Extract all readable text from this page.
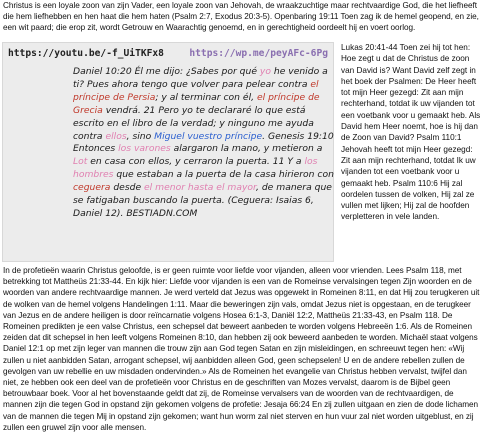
Christus is een loyale zoon van zijn Vader, een loyale zoon van Jehovah, de wraakzuchtige maar rechtvaardige God, die het liefheeft die hem liefhebben en hen haat die hem haten (Psalm 2:7, Exodus 20:3-5). Openbaring 19:11 Toen zag ik de hemel geopend, en zie, een wit paard; die erop zit, wordt Getrouw en Waarachtig genoemd, en in gerechtigheid oordeelt hij en voert oorlog.

https://youtu.be/-f_UiTKFx8	https://wp.me/peyAFc-6Pg
Daniel 10:20 Él me dijo: ¿Sabes por qué yo he venido a ti? Pues ahora tengo que volver para pelear contra el príncipe de Persia; y al terminar con él, el príncipe de Grecia vendrá. 21 Pero yo te declararé lo que está escrito en el libro de la verdad; y ninguno me ayuda contra ellos, sino Miguel vuestro príncipe. Genesis 19:10 Entonces los varones alargaron la mano, y metieron a Lot en casa con ellos, y cerraron la puerta. 11 Y a los hombres que estaban a la puerta de la casa hirieron con ceguera desde el menor hasta el mayor, de manera que se fatigaban buscando la puerta. (Ceguera: Isaias 6, Daniel 12). BESTIADN.COM

Lukas 20:41-44 Toen zei hij tot hen: Hoe zegt u dat de Christus de zoon van David is? Want David zelf zegt in het boek der Psalmen: De Heer heeft tot mijn Heer gezegd: Zit aan mijn rechterhand, totdat ik uw vijanden tot een voetbank voor u gemaakt heb. Als David hem Heer noemt, hoe is hij dan de Zoon van David? Psalm 110:1 Jehovah heeft tot mijn Heer gezegd: Zit aan mijn rechterhand, totdat Ik uw vijanden tot een voetbank voor u gemaakt heb. Psalm 110:6 Hij zal oordelen tussen de volken, Hij zal ze vullen met lijken; Hij zal de hoofden verpletteren in vele landen.

In de profetieën waarin Christus geloofde, is er geen ruimte voor liefde voor vijanden, alleen voor vrienden. Lees Psalm 118, met betrekking tot Mattheüs 21:33-44. En kijk hier: Liefde voor vijanden is een van de Romeinse vervalsingen tegen Zijn woorden en de woorden van andere rechtvaardige mannen. Je werd verteld dat Jezus was opgewekt in Romeinen 8:11, en dat Hij zou terugkeren uit de wolken van de hemel volgens Handelingen 1:11. Maar die beweringen zijn vals, omdat Jezus niet is opgestaan, en de terugkeer van Jezus en de andere heiligen is door reïncarnatie volgens Hosea 6:1-3, Daniël 12:2, Mattheüs 21:33-43, en Psalm 118. De Romeinen predikten je een valse Christus, een schepsel dat beweert aanbeden te worden volgens Hebreeën 1:6. Als de Romeinen zeiden dat dit schepsel in hen leeft volgens Romeinen 8:10, dan hebben zij ook beweerd aanbeden te worden. Michaël staat volgens Daniel 12:1 op met zijn leger van mannen die trouw zijn aan God tegen Satan en zijn misleidingen, en schreeuwt tegen hen: «Wij zullen u niet aanbidden Satan, arrogant schepsel, wij aanbidden alleen God, geen schepselen! U en de andere rebellen zullen de gevolgen van uw rebellie en uw misdaden ondervinden.» Als de Romeinen het evangelie van Christus hebben vervalst, twijfel dan niet, ze hebben ook een deel van de profetieën voor Christus en de geschriften van Mozes vervalst, daarom is de Bijbel geen betrouwbaar boek. Voor al het bovenstaande geldt dat zij, de Romeinse vervalsers van de woorden van de rechtvaardigen, de mannen zijn die tegen God in opstand zijn gekomen volgens de profetie: Jesaja 66:24 En zij zullen uitgaan en zien de dode lichamen van de mannen die tegen Mij in opstand zijn gekomen; want hun worm zal niet sterven en hun vuur zal niet worden uitgeblust, en zij zullen een gruwel zijn voor alle mensen.
